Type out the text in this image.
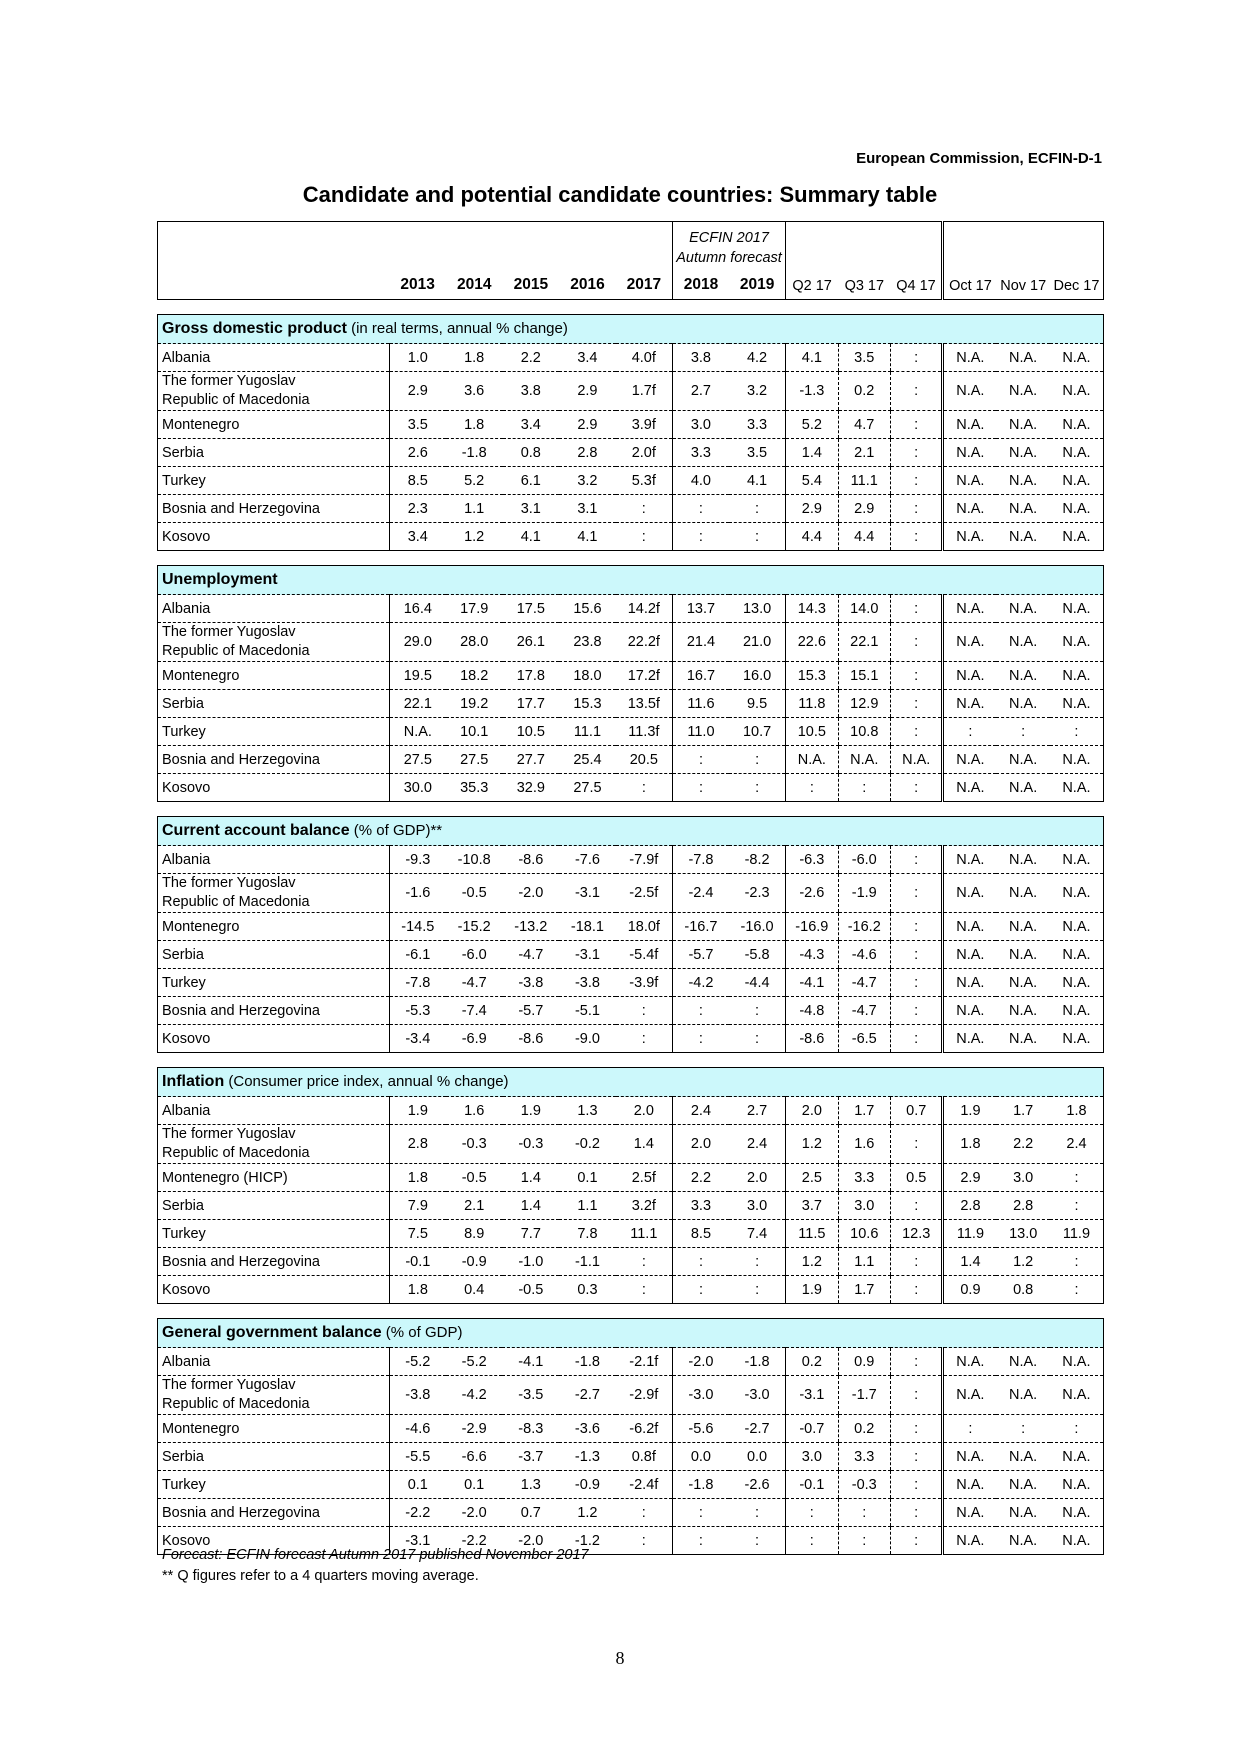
European Commission, ECFIN-D-1
Candidate and potential candidate countries: Summary table
						ECFIN 2017							
						Autumn forecast							
	2013	2014	2015	2016	2017	2018	2019	Q2 17	Q3 17	Q4 17	Oct 17	Nov 17	Dec 17
Gross domestic product (in real terms, annual % change)													
Albania	1.0	1.8	2.2	3.4	4.0f	3.8	4.2	4.1	3.5	:	N.A.	N.A.	N.A.

The former Yugoslav Republic of Macedonia	2.9	3.6	3.8	2.9	1.7f	2.7	3.2	-1.3	0.2	:	N.A.	N.A.	N.A.
Montenegro	3.5	1.8	3.4	2.9	3.9f	3.0	3.3	5.2	4.7	:	N.A.	N.A.	N.A.
Serbia	2.6	-1.8	0.8	2.8	2.0f	3.3	3.5	1.4	2.1	:	N.A.	N.A.	N.A.
Turkey	8.5	5.2	6.1	3.2	5.3f	4.0	4.1	5.4	11.1	:	N.A.	N.A.	N.A.
Bosnia and Herzegovina	2.3	1.1	3.1	3.1	:	:	:	2.9	2.9	:	N.A.	N.A.	N.A.
Kosovo	3.4	1.2	4.1	4.1	:	:	:	4.4	4.4	:	N.A.	N.A.	N.A.
Unemployment													
Albania	16.4	17.9	17.5	15.6	14.2f	13.7	13.0	14.3	14.0	:	N.A.	N.A.	N.A.

The former Yugoslav Republic of Macedonia	29.0	28.0	26.1	23.8	22.2f	21.4	21.0	22.6	22.1	:	N.A.	N.A.	N.A.
Montenegro	19.5	18.2	17.8	18.0	17.2f	16.7	16.0	15.3	15.1	:	N.A.	N.A.	N.A.
Serbia	22.1	19.2	17.7	15.3	13.5f	11.6	9.5	11.8	12.9	:	N.A.	N.A.	N.A.
Turkey	N.A.	10.1	10.5	11.1	11.3f	11.0	10.7	10.5	10.8	:	:	:	:
Bosnia and Herzegovina	27.5	27.5	27.7	25.4	20.5	:	:	N.A.	N.A.	N.A.	N.A.	N.A.	N.A.
Kosovo	30.0	35.3	32.9	27.5	:	:	:	:	:	:	N.A.	N.A.	N.A.
Current account balance (% of GDP)**													
Albania	-9.3	-10.8	-8.6	-7.6	-7.9f	-7.8	-8.2	-6.3	-6.0	:	N.A.	N.A.	N.A.

The former Yugoslav Republic of Macedonia	-1.6	-0.5	-2.0	-3.1	-2.5f	-2.4	-2.3	-2.6	-1.9	:	N.A.	N.A.	N.A.
Montenegro	-14.5	-15.2	-13.2	-18.1	18.0f	-16.7	-16.0	-16.9	-16.2	:	N.A.	N.A.	N.A.
Serbia	-6.1	-6.0	-4.7	-3.1	-5.4f	-5.7	-5.8	-4.3	-4.6	:	N.A.	N.A.	N.A.
Turkey	-7.8	-4.7	-3.8	-3.8	-3.9f	-4.2	-4.4	-4.1	-4.7	:	N.A.	N.A.	N.A.
Bosnia and Herzegovina	-5.3	-7.4	-5.7	-5.1	:	:	:	-4.8	-4.7	:	N.A.	N.A.	N.A.
Kosovo	-3.4	-6.9	-8.6	-9.0	:	:	:	-8.6	-6.5	:	N.A.	N.A.	N.A.
Inflation (Consumer price index, annual % change)													
Albania	1.9	1.6	1.9	1.3	2.0	2.4	2.7	2.0	1.7	0.7	1.9	1.7	1.8

The former Yugoslav Republic of Macedonia	2.8	-0.3	-0.3	-0.2	1.4	2.0	2.4	1.2	1.6	:	1.8	2.2	2.4
Montenegro (HICP)	1.8	-0.5	1.4	0.1	2.5f	2.2	2.0	2.5	3.3	0.5	2.9	3.0	:
Serbia	7.9	2.1	1.4	1.1	3.2f	3.3	3.0	3.7	3.0	:	2.8	2.8	:
Turkey	7.5	8.9	7.7	7.8	11.1	8.5	7.4	11.5	10.6	12.3	11.9	13.0	11.9
Bosnia and Herzegovina	-0.1	-0.9	-1.0	-1.1	:	:	:	1.2	1.1	:	1.4	1.2	:
Kosovo	1.8	0.4	-0.5	0.3	:	:	:	1.9	1.7	:	0.9	0.8	:
General government balance (% of GDP)													
Albania	-5.2	-5.2	-4.1	-1.8	-2.1f	-2.0	-1.8	0.2	0.9	:	N.A.	N.A.	N.A.

The former Yugoslav Republic of Macedonia	-3.8	-4.2	-3.5	-2.7	-2.9f	-3.0	-3.0	-3.1	-1.7	:	N.A.	N.A.	N.A.
Montenegro	-4.6	-2.9	-8.3	-3.6	-6.2f	-5.6	-2.7	-0.7	0.2	:	:	:	:
Serbia	-5.5	-6.6	-3.7	-1.3	0.8f	0.0	0.0	3.0	3.3	:	N.A.	N.A.	N.A.
Turkey	0.1	0.1	1.3	-0.9	-2.4f	-1.8	-2.6	-0.1	-0.3	:	N.A.	N.A.	N.A.
Bosnia and Herzegovina	-2.2	-2.0	0.7	1.2	:	:	:	:	:	:	N.A.	N.A.	N.A.
Kosovo	-3.1	-2.2	-2.0	-1.2	:	:	:	:	:	:	N.A.	N.A.	N.A.
Forecast: ECFIN forecast Autumn 2017 published November 2017
** Q figures refer to a 4 quarters moving average.
8
